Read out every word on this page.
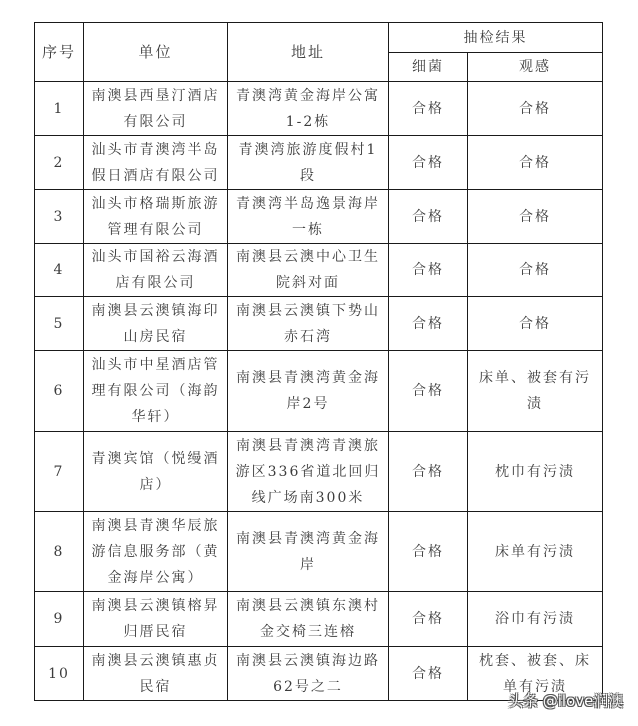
序号	单位	地址	抽检结果	
			细菌	观感
1	南澳县西垦汀酒店有限公司	青澳湾黄金海岸公寓1-2栋	合格	合格
2	汕头市青澳湾半岛假日酒店有限公司	青澳湾旅游度假村1段	合格	合格
3	汕头市格瑞斯旅游管理有限公司	青澳湾半岛逸景海岸一栋	合格	合格
4	汕头市国裕云海酒店有限公司	南澳县云澳中心卫生院斜对面	合格	合格
5	南澳县云澳镇海印山房民宿	南澳县云澳镇下势山赤石湾	合格	合格
6	汕头市中星酒店管理有限公司（海韵华轩）	南澳县青澳湾黄金海岸2号	合格	床单、被套有污渍
7	青澳宾馆（悦缦酒店）	南澳县青澳湾青澳旅游区336省道北回归线广场南300米	合格	枕巾有污渍
8	南澳县青澳华辰旅游信息服务部（黄金海岸公寓）	南澳县青澳湾黄金海岸	合格	床单有污渍
9	南澳县云澳镇榕昇归厝民宿	南澳县云澳镇东澳村金交椅三连榕	合格	浴巾有污渍
10	南澳县云澳镇惠贞民宿	南澳县云澳镇海边路62号之二	合格	枕套、被套、床单有污渍
头条 @ilove润澳
